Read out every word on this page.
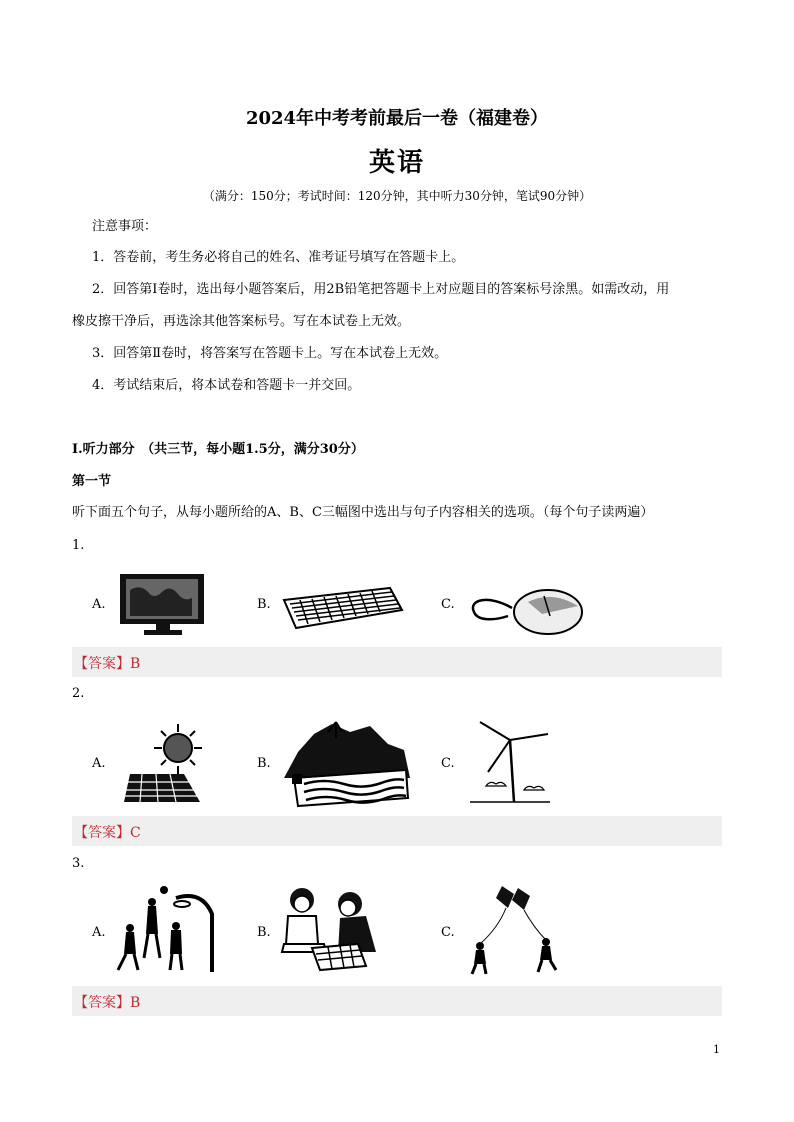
2024年中考考前最后一卷（福建卷）
英语
（满分：150分；考试时间：120分钟，其中听力30分钟，笔试90分钟）
注意事项：
1．答卷前，考生务必将自己的姓名、准考证号填写在答题卡上。
2．回答第Ⅰ卷时，选出每小题答案后，用2B铅笔把答题卡上对应题目的答案标号涂黑。如需改动，用
橡皮擦干净后，再选涂其他答案标号。写在本试卷上无效。
3．回答第Ⅱ卷时，将答案写在答题卡上。写在本试卷上无效。
4．考试结束后，将本试卷和答题卡一并交回。
I.听力部分　（共三节，每小题1.5分，满分30分）
第一节
听下面五个句子，从每小题所给的A、B、C三幅图中选出与句子内容相关的选项。（每个句子读两遍）
1.
A.	B.	C.
【答案】B
2.
A.	B.	C.
【答案】C
3.
A.	B.	C.
【答案】B
1
